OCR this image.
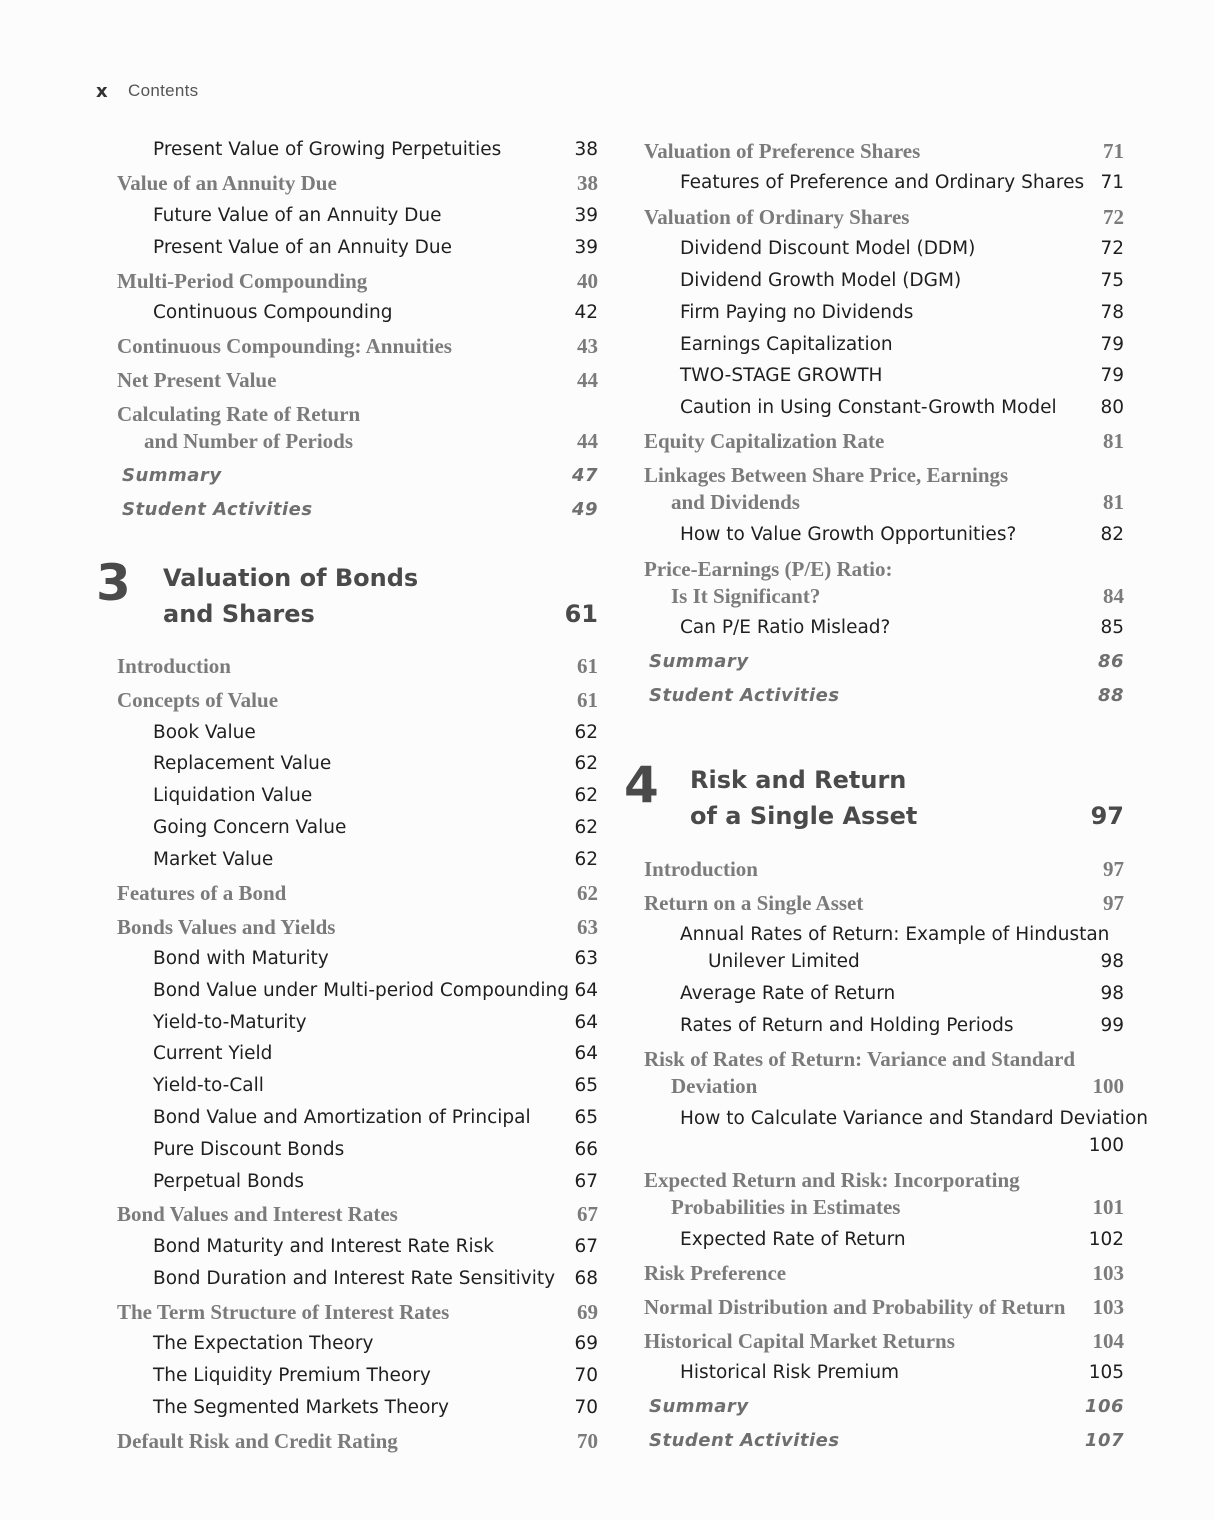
x	Contents
Present Value of Growing Perpetuities	38
Value of an Annuity Due	38
Future Value of an Annuity Due	39
Present Value of an Annuity Due	39
Multi-Period Compounding	40
Continuous Compounding	42
Continuous Compounding: Annuities	43
Net Present Value	44
Calculating Rate of Return
and Number of Periods	44
Summary	47
Student Activities	49
3 Valuation of Bonds
and Shares	61
Introduction	61
Concepts of Value	61
Book Value	62
Replacement Value	62
Liquidation Value	62
Going Concern Value	62
Market Value	62
Features of a Bond	62
Bonds Values and Yields	63
Bond with Maturity	63
Bond Value under Multi-period Compounding 64
Yield-to-Maturity	64
Current Yield	64
Yield-to-Call	65
Bond Value and Amortization of Principal	65
Pure Discount Bonds	66
Perpetual Bonds	67
Bond Values and Interest Rates	67
Bond Maturity and Interest Rate Risk	67
Bond Duration and Interest Rate Sensitivity	68
The Term Structure of Interest Rates	69
The Expectation Theory	69
The Liquidity Premium Theory	70
The Segmented Markets Theory	70
Default Risk and Credit Rating	70
Valuation of Preference Shares	71
Features of Preference and Ordinary Shares 71
Valuation of Ordinary Shares	72
Dividend Discount Model (DDM)	72
Dividend Growth Model (DGM)	75
Firm Paying no Dividends	78
Earnings Capitalization	79
TWO-STAGE GROWTH	79
Caution in Using Constant-Growth Model	80
Equity Capitalization Rate	81
Linkages Between Share Price, Earnings
and Dividends	81
How to Value Growth Opportunities?	82
Price-Earnings (P/E) Ratio:
Is It Significant?	84
Can P/E Ratio Mislead?	85
Summary	86
Student Activities	88
4 Risk and Return
of a Single Asset	97
Introduction	97
Return on a Single Asset	97
Annual Rates of Return: Example of Hindustan
Unilever Limited	98
Average Rate of Return	98
Rates of Return and Holding Periods	99
Risk of Rates of Return: Variance and Standard
Deviation	100
How to Calculate Variance and Standard Deviation
100
Expected Return and Risk: Incorporating
Probabilities in Estimates	101
Expected Rate of Return	102
Risk Preference	103
Normal Distribution and Probability of Return	103
Historical Capital Market Returns	104
Historical Risk Premium	105
Summary	106
Student Activities	107
